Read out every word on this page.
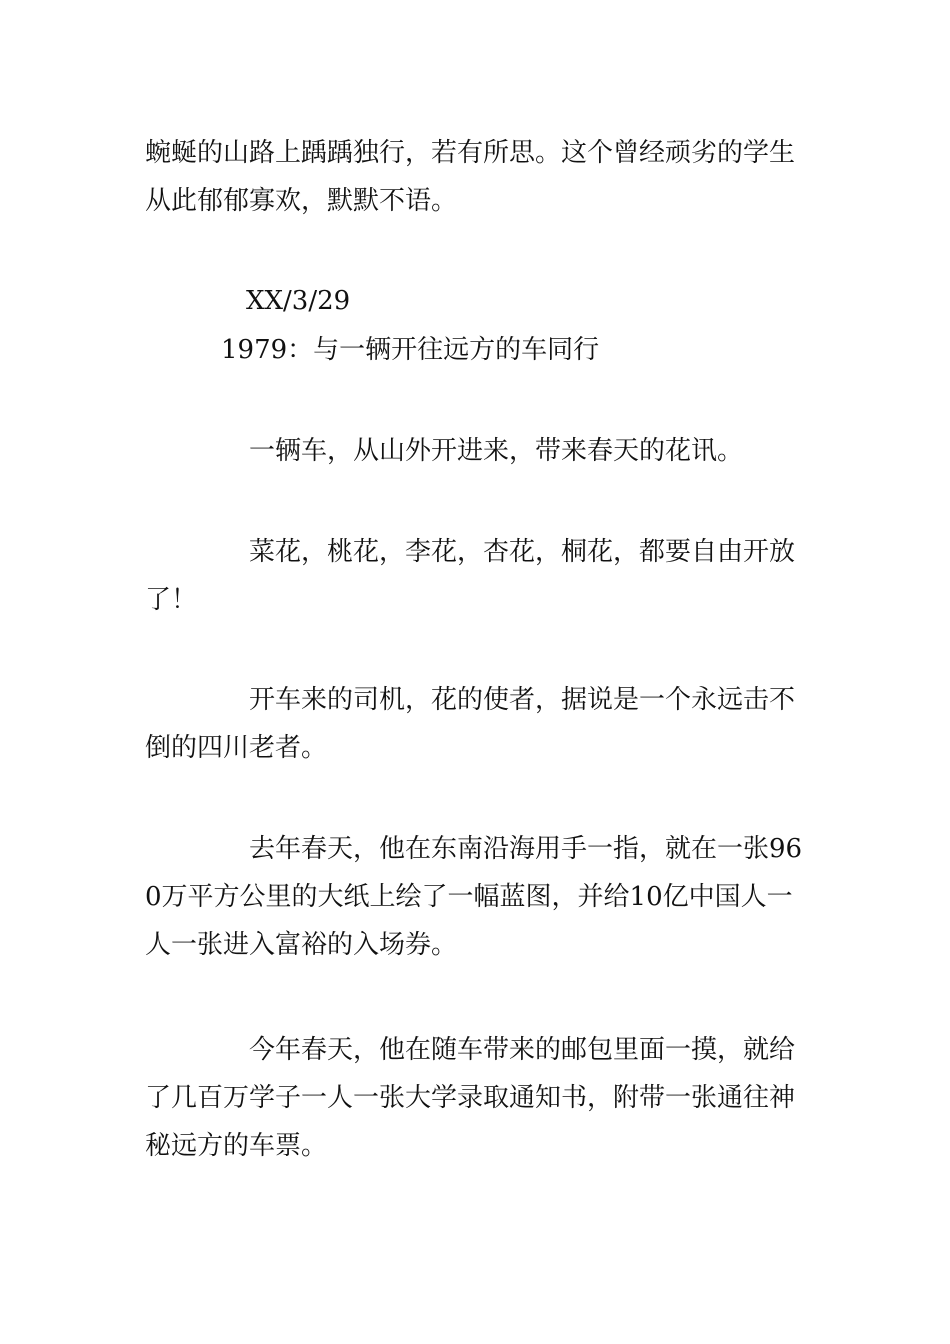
蜿蜒的山路上踽踽独行，若有所思。这个曾经顽劣的学生从此郁郁寡欢，默默不语。

XX/3/29

1979：与一辆开往远方的车同行

一辆车，从山外开进来，带来春天的花讯。

菜花，桃花，李花，杏花，桐花，都要自由开放了！

开车来的司机，花的使者，据说是一个永远击不倒的四川老者。

去年春天，他在东南沿海用手一指，就在一张960万平方公里的大纸上绘了一幅蓝图，并给10亿中国人一人一张进入富裕的入场券。

今年春天，他在随车带来的邮包里面一摸，就给了几百万学子一人一张大学录取通知书，附带一张通往神秘远方的车票。
